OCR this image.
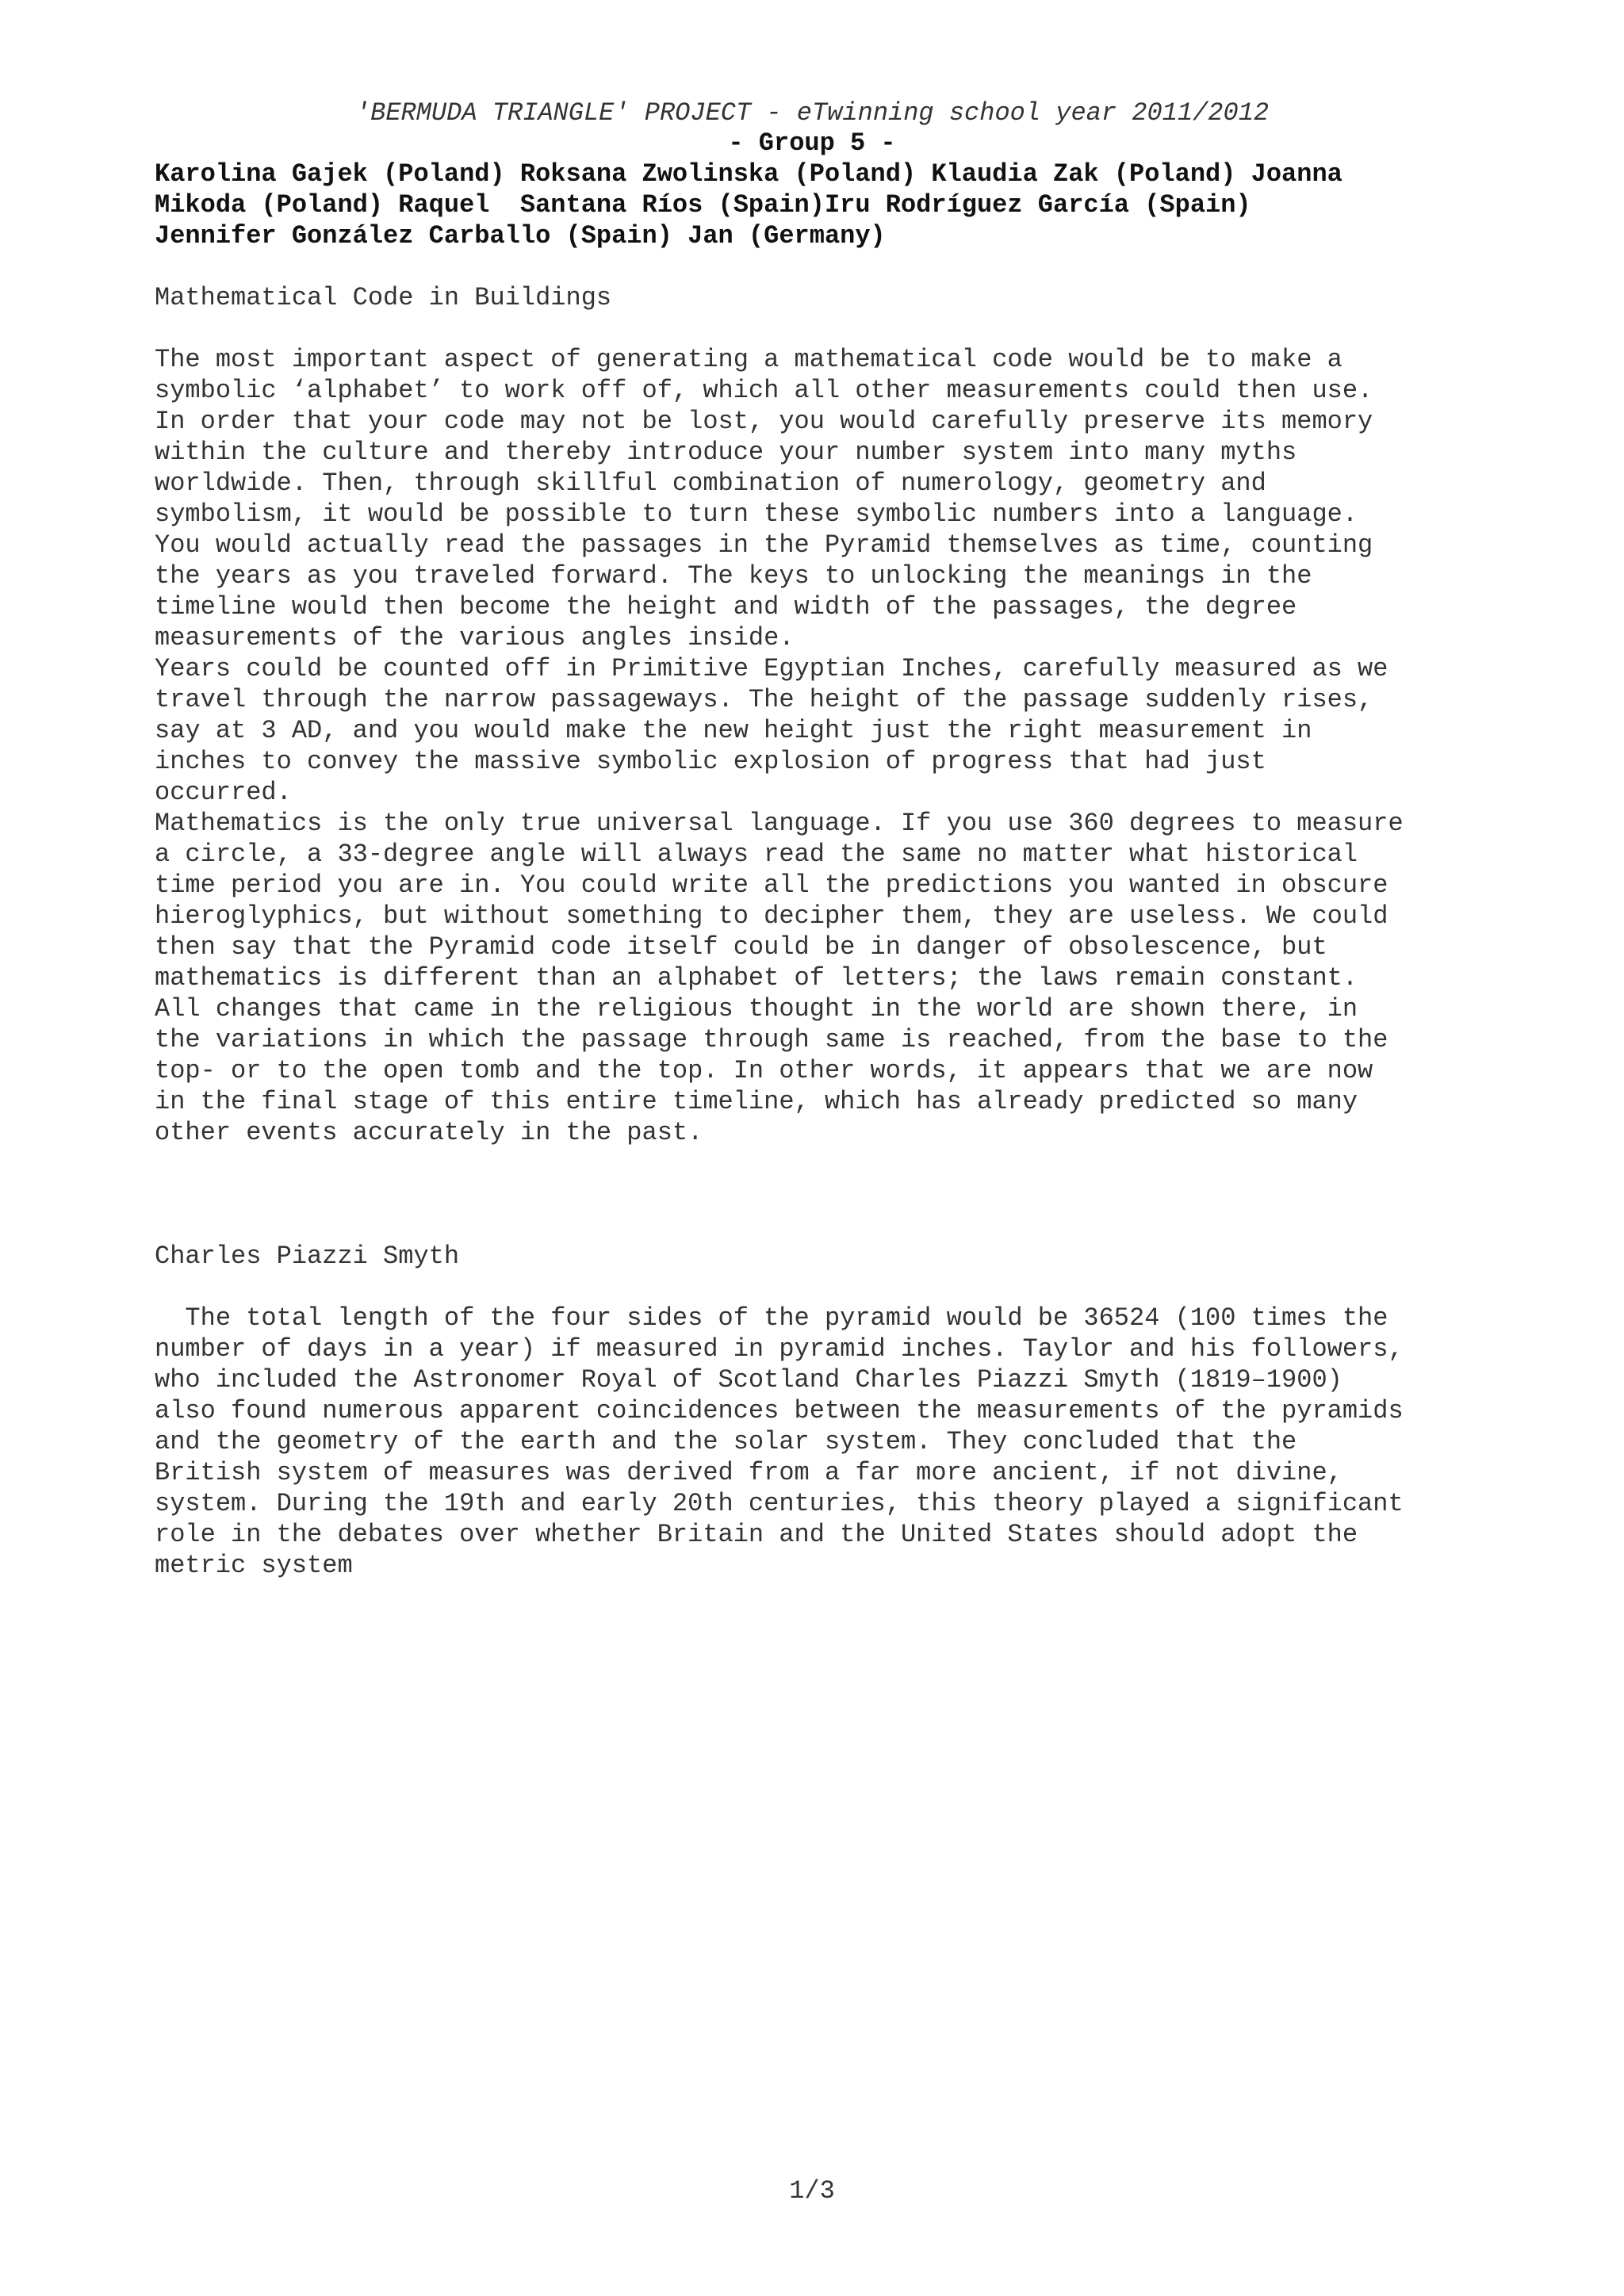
'BERMUDA TRIANGLE' PROJECT - eTwinning school year 2011/2012
- Group 5 -
Karolina Gajek (Poland) Roksana Zwolinska (Poland) Klaudia Zak (Poland) Joanna
Mikoda (Poland) Raquel  Santana Ríos (Spain)Iru Rodríguez García (Spain)
Jennifer González Carballo (Spain) Jan (Germany)
Mathematical Code in Buildings
The most important aspect of generating a mathematical code would be to make a
symbolic ‘alphabet’ to work off of, which all other measurements could then use.
In order that your code may not be lost, you would carefully preserve its memory
within the culture and thereby introduce your number system into many myths
worldwide. Then, through skillful combination of numerology, geometry and
symbolism, it would be possible to turn these symbolic numbers into a language.
You would actually read the passages in the Pyramid themselves as time, counting
the years as you traveled forward. The keys to unlocking the meanings in the
timeline would then become the height and width of the passages, the degree
measurements of the various angles inside.
Years could be counted off in Primitive Egyptian Inches, carefully measured as we
travel through the narrow passageways. The height of the passage suddenly rises,
say at 3 AD, and you would make the new height just the right measurement in
inches to convey the massive symbolic explosion of progress that had just
occurred.
Mathematics is the only true universal language. If you use 360 degrees to measure
a circle, a 33-degree angle will always read the same no matter what historical
time period you are in. You could write all the predictions you wanted in obscure
hieroglyphics, but without something to decipher them, they are useless. We could
then say that the Pyramid code itself could be in danger of obsolescence, but
mathematics is different than an alphabet of letters; the laws remain constant.
All changes that came in the religious thought in the world are shown there, in
the variations in which the passage through same is reached, from the base to the
top- or to the open tomb and the top. In other words, it appears that we are now
in the final stage of this entire timeline, which has already predicted so many
other events accurately in the past.
Charles Piazzi Smyth
The total length of the four sides of the pyramid would be 36524 (100 times the
number of days in a year) if measured in pyramid inches. Taylor and his followers,
who included the Astronomer Royal of Scotland Charles Piazzi Smyth (1819–1900)
also found numerous apparent coincidences between the measurements of the pyramids
and the geometry of the earth and the solar system. They concluded that the
British system of measures was derived from a far more ancient, if not divine,
system. During the 19th and early 20th centuries, this theory played a significant
role in the debates over whether Britain and the United States should adopt the
metric system
1/3
